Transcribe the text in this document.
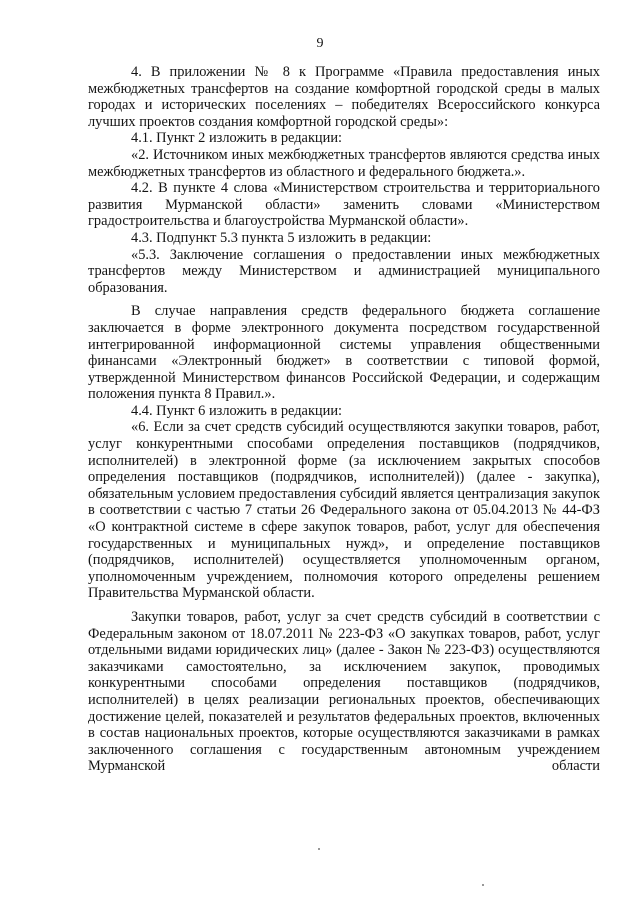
9

4. В приложении № 8 к Программе «Правила предоставления иных межбюджетных трансфертов на создание комфортной городской среды в малых городах и исторических поселениях – победителях Всероссийского конкурса лучших проектов создания комфортной городской среды»:

4.1. Пункт 2 изложить в редакции:

«2. Источником иных межбюджетных трансфертов являются средства иных межбюджетных трансфертов из областного и федерального бюджета.».

4.2. В пункте 4 слова «Министерством строительства и территориального развития Мурманской области» заменить словами «Министерством градостроительства и благоустройства Мурманской области».

4.3. Подпункт 5.3 пункта 5 изложить в редакции:

«5.3. Заключение соглашения о предоставлении иных межбюджетных трансфертов между Министерством и администрацией муниципального образования.

В случае направления средств федерального бюджета соглашение заключается в форме электронного документа посредством государственной интегрированной информационной системы управления общественными финансами «Электронный бюджет» в соответствии с типовой формой, утвержденной Министерством финансов Российской Федерации, и содержащим положения пункта 8 Правил.».

4.4. Пункт 6 изложить в редакции:

«6. Если за счет средств субсидий осуществляются закупки товаров, работ, услуг конкурентными способами определения поставщиков (подрядчиков, исполнителей) в электронной форме (за исключением закрытых способов определения поставщиков (подрядчиков, исполнителей)) (далее - закупка), обязательным условием предоставления субсидий является централизация закупок в соответствии с частью 7 статьи 26 Федерального закона от 05.04.2013 № 44-ФЗ «О контрактной системе в сфере закупок товаров, работ, услуг для обеспечения государственных и муниципальных нужд», и определение поставщиков (подрядчиков, исполнителей) осуществляется уполномоченным органом, уполномоченным учреждением, полномочия которого определены решением Правительства Мурманской области.

Закупки товаров, работ, услуг за счет средств субсидий в соответствии с Федеральным законом от 18.07.2011 № 223-ФЗ «О закупках товаров, работ, услуг отдельными видами юридических лиц» (далее - Закон № 223-ФЗ) осуществляются заказчиками самостоятельно, за исключением закупок, проводимых конкурентными способами определения поставщиков (подрядчиков, исполнителей) в целях реализации региональных проектов, обеспечивающих достижение целей, показателей и результатов федеральных проектов, включенных в состав национальных проектов, которые осуществляются заказчиками в рамках заключенного соглашения с государственным автономным учреждением Мурманской области
